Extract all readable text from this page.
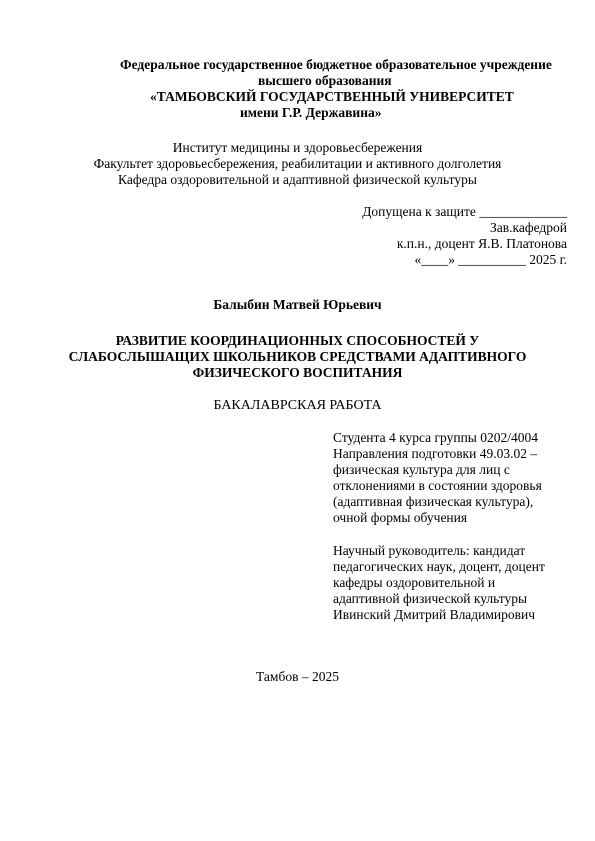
Федеральное государственное бюджетное образовательное учреждение
высшего образования
«ТАМБОВСКИЙ ГОСУДАРСТВЕННЫЙ УНИВЕРСИТЕТ
имени Г.Р. Державина»
Институт медицины и здоровьесбережения
Факультет здоровьесбережения, реабилитации и активного долголетия
Кафедра оздоровительной и адаптивной физической культуры
Допущена к защите _____________
Зав.кафедрой
к.п.н., доцент Я.В. Платонова
«____» __________ 2025 г.
Балыбин Матвей Юрьевич
РАЗВИТИЕ КООРДИНАЦИОННЫХ СПОСОБНОСТЕЙ У
СЛАБОСЛЫШАЩИХ ШКОЛЬНИКОВ СРЕДСТВАМИ АДАПТИВНОГО
ФИЗИЧЕСКОГО ВОСПИТАНИЯ
БАКАЛАВРСКАЯ РАБОТА
Студента 4 курса группы 0202/4004
Направления подготовки 49.03.02 –
физическая культура для лиц с
отклонениями в состоянии здоровья
(адаптивная физическая культура),
очной формы обучения
Научный руководитель: кандидат
педагогических наук, доцент, доцент
кафедры оздоровительной и
адаптивной физической культуры
Ивинский Дмитрий Владимирович
Тамбов – 2025
